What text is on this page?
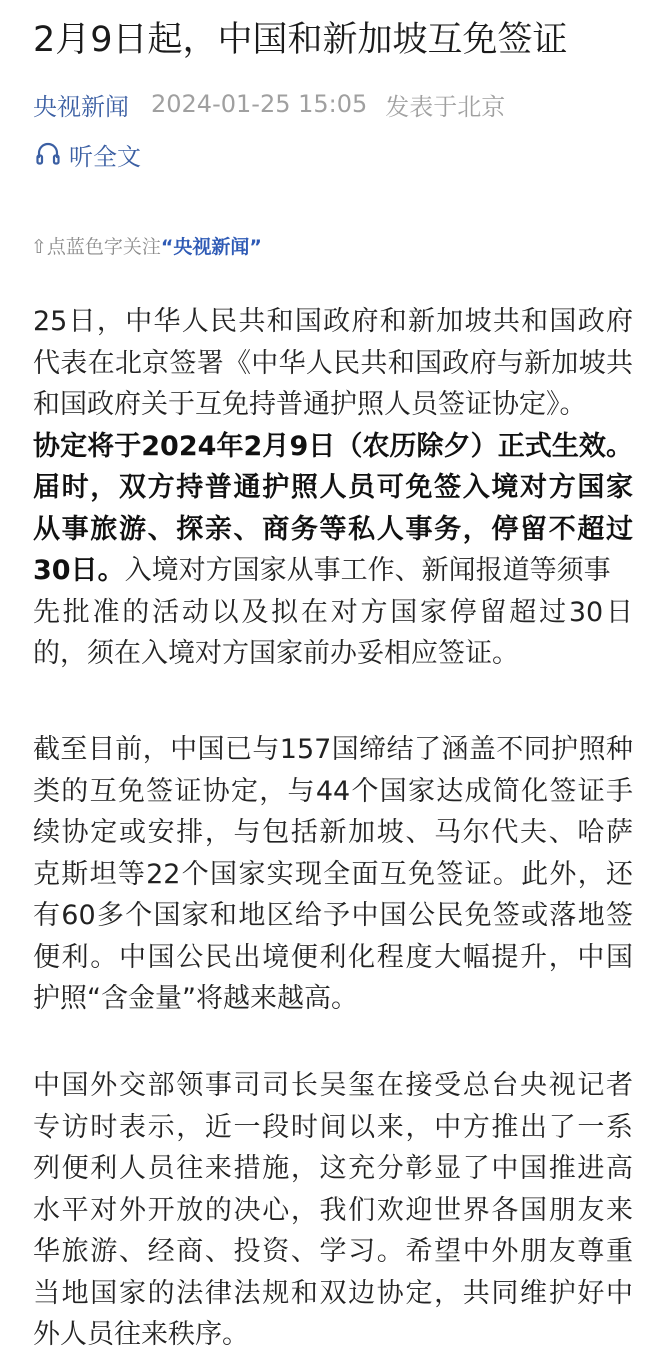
2月9日起，中国和新加坡互免签证
央视新闻 2024-01-25 15:05 发表于北京
听全文
⇧点蓝色字关注“央视新闻”
25日，中华人民共和国政府和新加坡共和国政府
代表在北京签署《中华人民共和国政府与新加坡共
和国政府关于互免持普通护照人员签证协定》。
协定将于2024年2月9日（农历除夕）正式生效。
届时，双方持普通护照人员可免签入境对方国家
从事旅游、探亲、商务等私人事务，停留不超过
30日。入境对方国家从事工作、新闻报道等须事
先批准的活动以及拟在对方国家停留超过30日
的，须在入境对方国家前办妥相应签证。
截至目前，中国已与157国缔结了涵盖不同护照种
类的互免签证协定，与44个国家达成简化签证手
续协定或安排，与包括新加坡、马尔代夫、哈萨
克斯坦等22个国家实现全面互免签证。此外，还
有60多个国家和地区给予中国公民免签或落地签
便利。中国公民出境便利化程度大幅提升，中国
护照“含金量”将越来越高。
中国外交部领事司司长吴玺在接受总台央视记者
专访时表示，近一段时间以来，中方推出了一系
列便利人员往来措施，这充分彰显了中国推进高
水平对外开放的决心，我们欢迎世界各国朋友来
华旅游、经商、投资、学习。希望中外朋友尊重
当地国家的法律法规和双边协定，共同维护好中
外人员往来秩序。
